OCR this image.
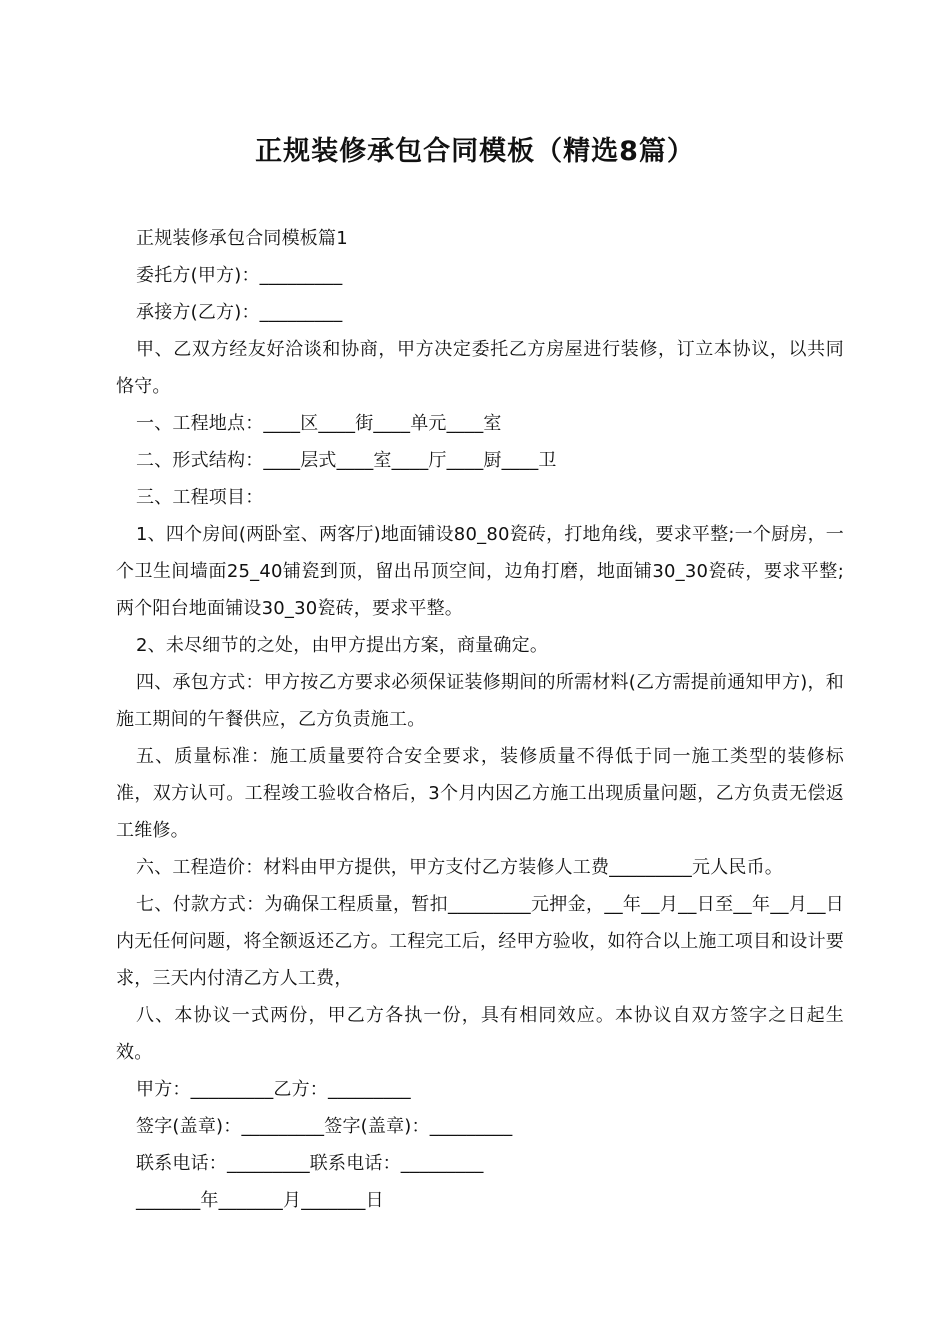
正规装修承包合同模板（精选8篇）

正规装修承包合同模板篇1

委托方(甲方)：_________

承接方(乙方)：_________

甲、乙双方经友好洽谈和协商，甲方决定委托乙方房屋进行装修，订立本协议，以共同恪守。

一、工程地点：____区____街____单元____室

二、形式结构：____层式____室____厅____厨____卫

三、工程项目：

1、四个房间(两卧室、两客厅)地面铺设80_80瓷砖，打地角线，要求平整;一个厨房，一个卫生间墙面25_40铺瓷到顶，留出吊顶空间，边角打磨，地面铺30_30瓷砖，要求平整;两个阳台地面铺设30_30瓷砖，要求平整。

2、未尽细节的之处，由甲方提出方案，商量确定。

四、承包方式：甲方按乙方要求必须保证装修期间的所需材料(乙方需提前通知甲方)，和施工期间的午餐供应，乙方负责施工。

五、质量标准：施工质量要符合安全要求，装修质量不得低于同一施工类型的装修标准，双方认可。工程竣工验收合格后，3个月内因乙方施工出现质量问题，乙方负责无偿返工维修。

六、工程造价：材料由甲方提供，甲方支付乙方装修人工费_________元人民币。

七、付款方式：为确保工程质量，暂扣_________元押金，__年__月__日至__年__月__日内无任何问题，将全额返还乙方。工程完工后，经甲方验收，如符合以上施工项目和设计要求，三天内付清乙方人工费，

八、本协议一式两份，甲乙方各执一份，具有相同效应。本协议自双方签字之日起生效。

甲方：_________乙方：_________

签字(盖章)：_________签字(盖章)：_________

联系电话：_________联系电话：_________

_______年_______月_______日
